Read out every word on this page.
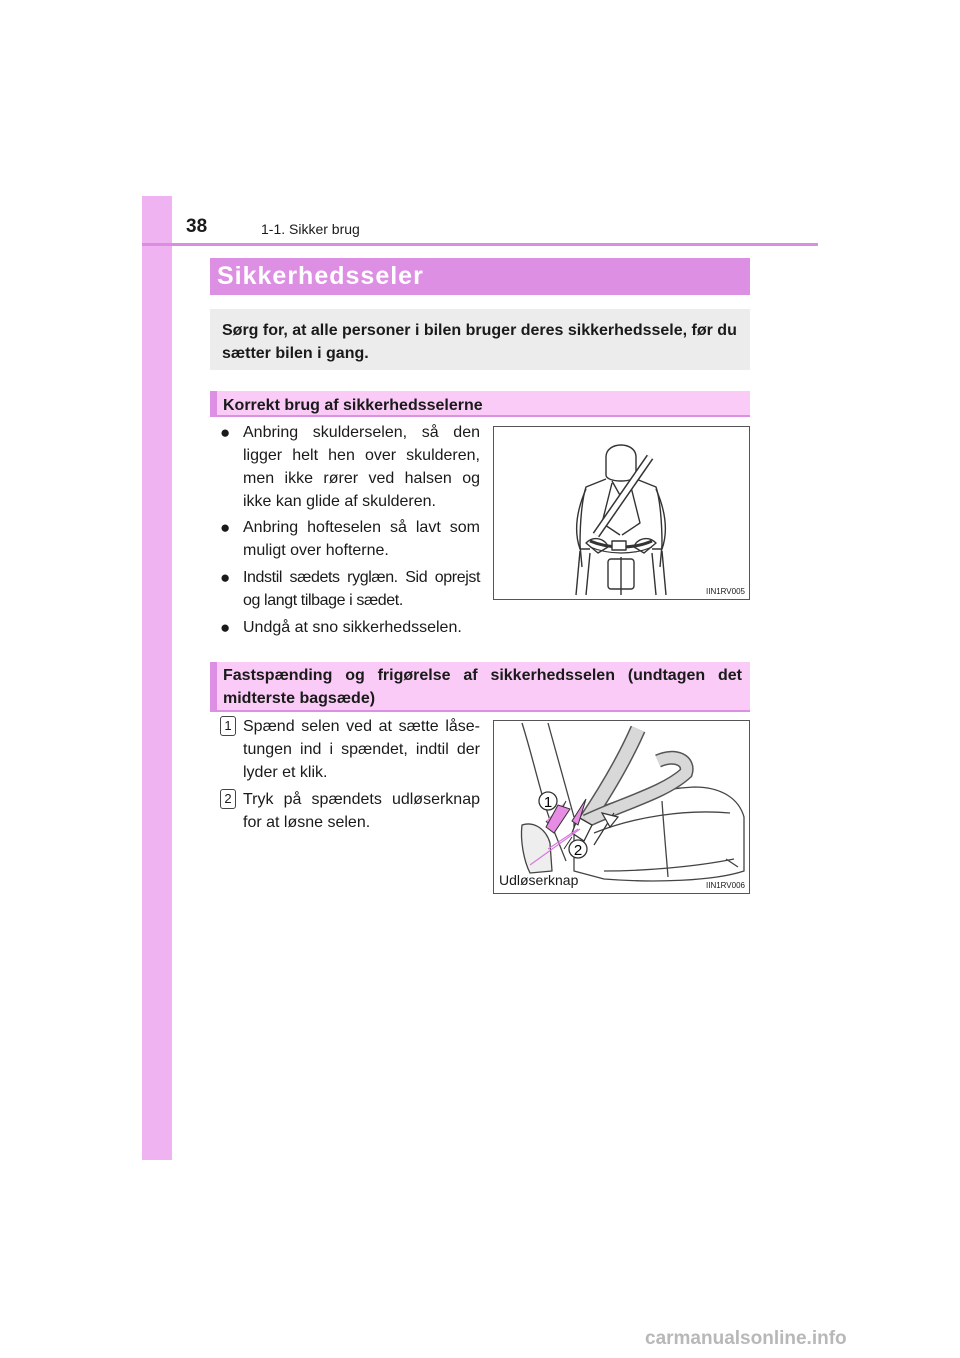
38	1-1. Sikker brug
Sikkerhedsseler

Sørg for, at alle personer i bilen bruger deres sikkerhedssele, før du sætter bilen i gang.

Korrekt brug af sikkerhedsselerne

● Anbring skulderselen, så den ligger helt hen over skulderen, men ikke rører ved halsen og ikke kan glide af skulderen.
● Anbring hofteselen så lavt som muligt over hofterne.
● Indstil sædets ryglæn. Sid oprejst og langt tilbage i sædet.
● Undgå at sno sikkerhedsselen.
IIN1RV005

Fastspænding og frigørelse af sikkerhedsselen (undtagen det midterste bagsæde)

1 Spænd selen ved at sætte låse- tungen ind i spændet, indtil der lyder et klik.
2 Tryk på spændets udløserknap for at løsne selen.
1
2
Udløserknap	IIN1RV006
carmanualsonline.info
